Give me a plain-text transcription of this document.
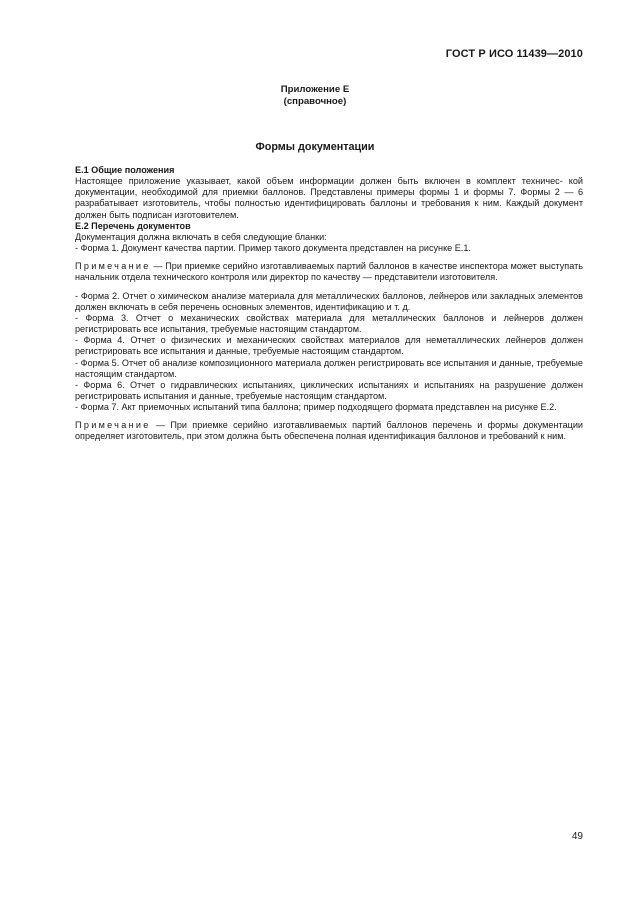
ГОСТ Р ИСО 11439—2010
Приложение Е
(справочное)
Формы документации

Е.1 Общие положения

Настоящее приложение указывает, какой объем информации должен быть включен в комплект техничес- кой документации, необходимой для приемки баллонов. Представлены примеры формы 1 и формы 7. Формы 2 — 6 разрабатывает изготовитель, чтобы полностью идентифицировать баллоны и требования к ним. Каждый документ должен быть подписан изготовителем.

Е.2 Перечень документов

Документация должна включать в себя следующие бланки:

- Форма 1. Документ качества партии. Пример такого документа представлен на рисунке Е.1.

Примечание — При приемке серийно изготавливаемых партий баллонов в качестве инспектора может выступать начальник отдела технического контроля или директор по качеству — представители изготовителя.

- Форма 2. Отчет о химическом анализе материала для металлических баллонов, лейнеров или закладных элементов должен включать в себя перечень основных элементов, идентификацию и т. д.

- Форма 3. Отчет о механических свойствах материала для металлических баллонов и лейнеров должен регистрировать все испытания, требуемые настоящим стандартом.

- Форма 4. Отчет о физических и механических свойствах материалов для неметаллических лейнеров должен регистрировать все испытания и данные, требуемые настоящим стандартом.

- Форма 5. Отчет об анализе композиционного материала должен регистрировать все испытания и данные, требуемые настоящим стандартом.

- Форма 6. Отчет о гидравлических испытаниях, циклических испытаниях и испытаниях на разрушение должен регистрировать испытания и данные, требуемые настоящим стандартом.

- Форма 7. Акт приемочных испытаний типа баллона; пример подходящего формата представлен на рисунке Е.2.

Примечание — При приемке серийно изготавливаемых партий баллонов перечень и формы документации определяет изготовитель, при этом должна быть обеспечена полная идентификация баллонов и требований к ним.

49
